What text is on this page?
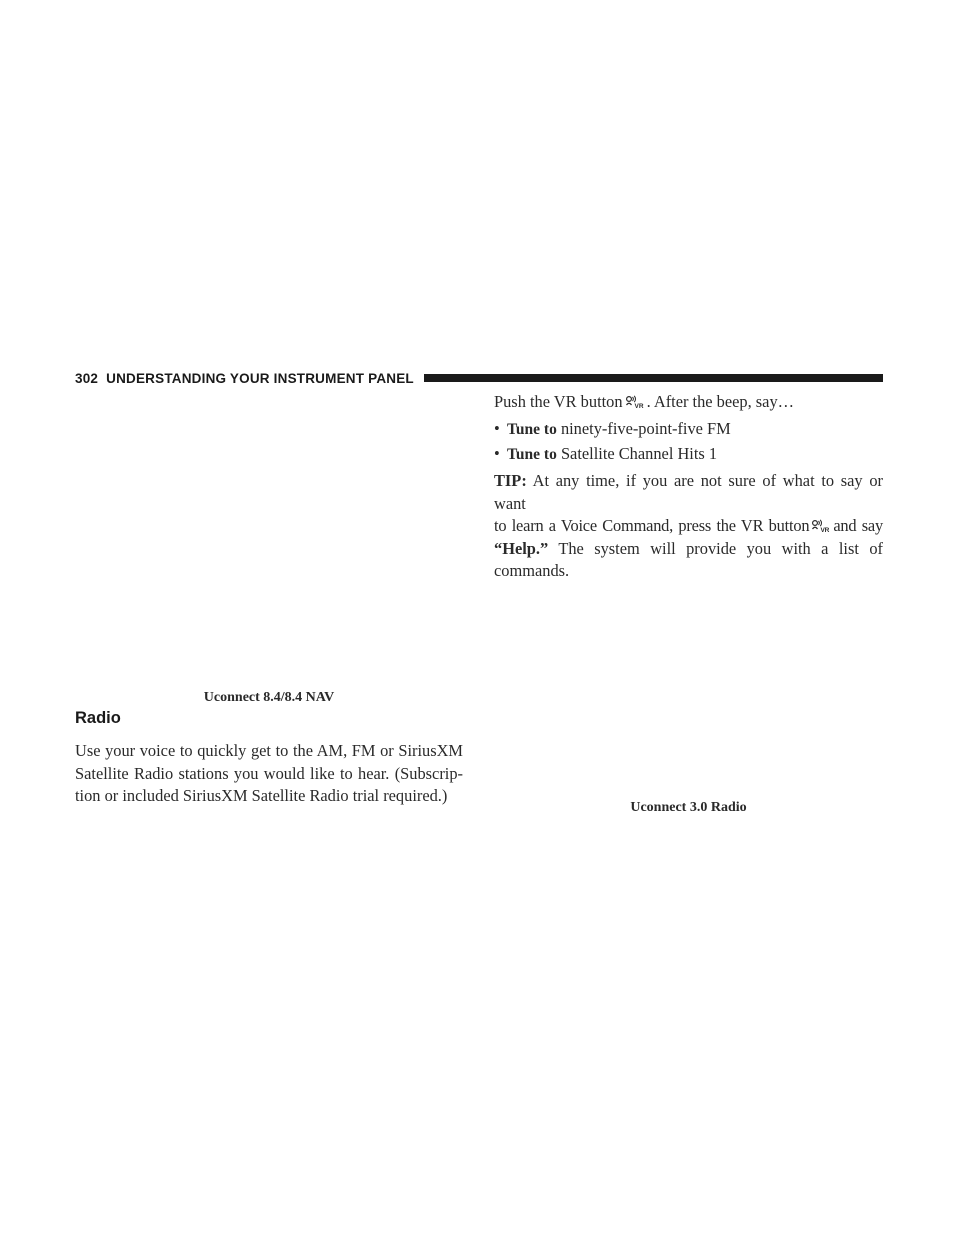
302 UNDERSTANDING YOUR INSTRUMENT PANEL
Uconnect 8.4/8.4 NAV
Radio

Use your voice to quickly get to the AM, FM or SiriusXM
Satellite Radio stations you would like to hear. (Subscrip-
tion or included SiriusXM Satellite Radio trial required.)

Push the VR button VR . After the beep, say…

• Tune to ninety-five-point-five FM
• Tune to Satellite Channel Hits 1
TIP: At any time, if you are not sure of what to say or want
to learn a Voice Command, press the VR button VR and say
“Help.” The system will provide you with a list of
commands.
Uconnect 3.0 Radio
